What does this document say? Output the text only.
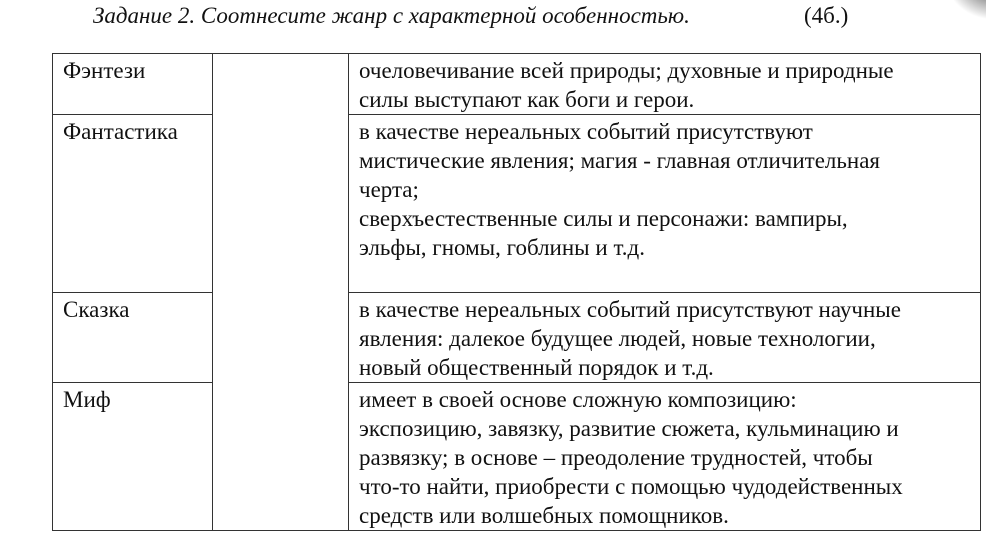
Задание 2. Соотнесите жанр с характерной особенностью.	(4б.)
Фэнтези		очеловечивание всей природы; духовные и природные
силы выступают как боги и герои.

Фантастика		в качестве нереальных событий присутствуют
мистические явления; магия - главная отличительная
черта;
сверхъестественные силы и персонажи: вампиры,
эльфы, гномы, гоблины и т.д.

Сказка		в качестве нереальных событий присутствуют научные
явления: далекое будущее людей, новые технологии,
новый общественный порядок и т.д.

Миф		имеет в своей основе сложную композицию:
экспозицию, завязку, развитие сюжета, кульминацию и
развязку; в основе – преодоление трудностей, чтобы
что-то найти, приобрести с помощью чудодейственных
средств или волшебных помощников.
